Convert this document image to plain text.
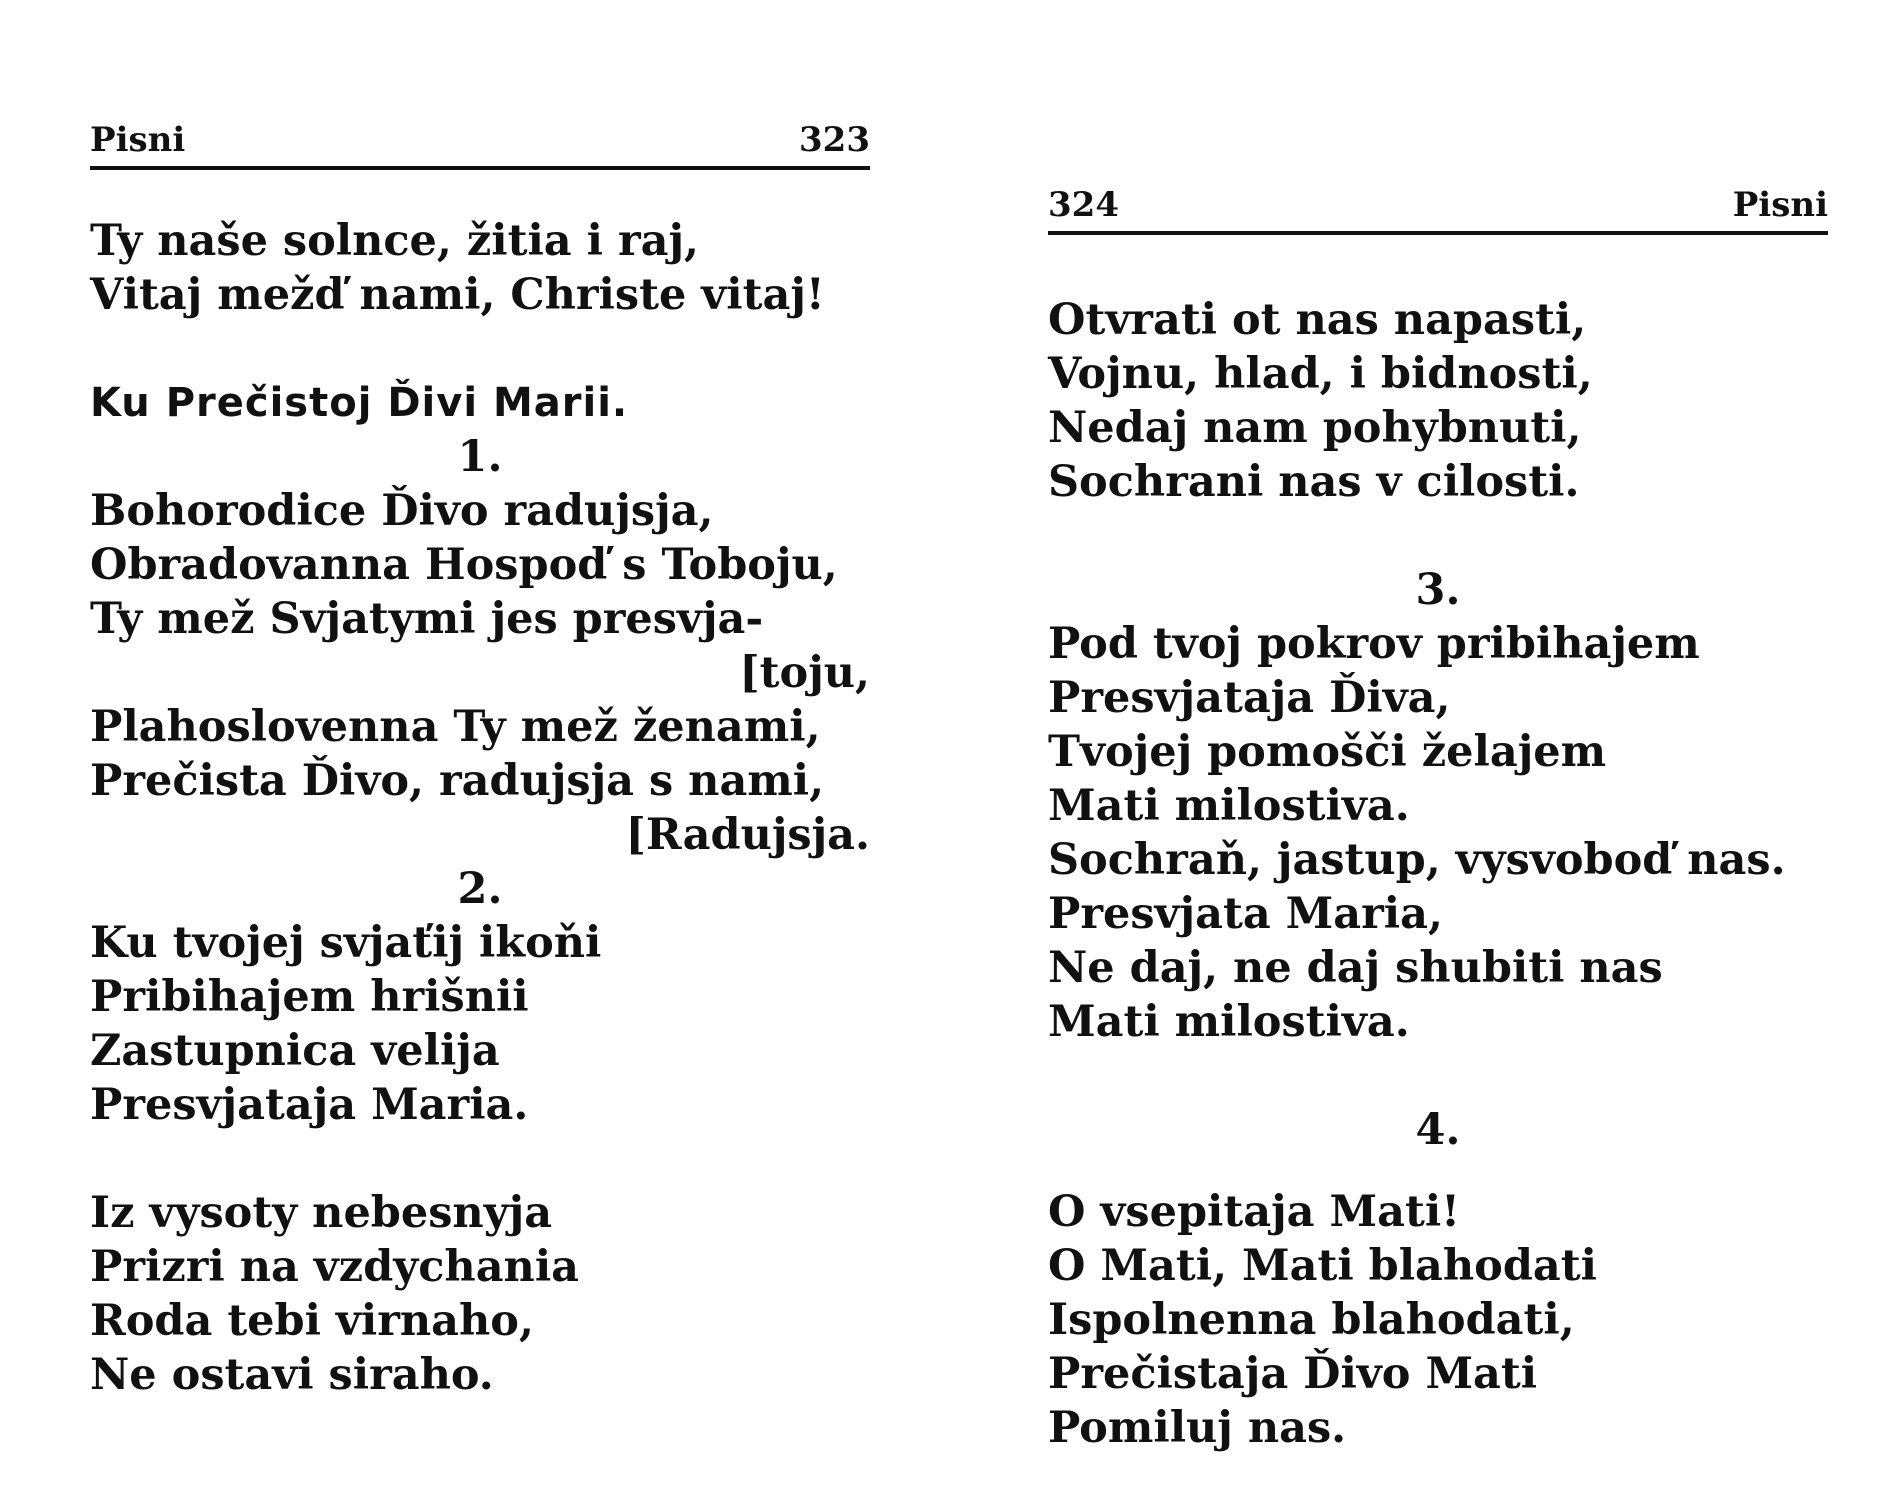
Pisni	323
Ty naše solnce, žitia i raj,
Vitaj mežď nami, Christe vitaj!
Ku Prečistoj Ďivi Marii.
1.
Bohorodice Ďivo radujsja,
Obradovanna Hospoď s Toboju,
Ty mež Svjatymi jes presvja-
[toju,
Plahoslovenna Ty mež ženami,
Prečista Ďivo, radujsja s nami,
[Radujsja.
2.
Ku tvojej svjaťij ikoňi
Pribihajem hrišnii
Zastupnica velija
Presvjataja Maria.
Iz vysoty nebesnyja
Prizri na vzdychania
Roda tebi virnaho,
Ne ostavi siraho.
324	Pisni
Otvrati ot nas napasti,
Vojnu, hlad, i bidnosti,
Nedaj nam pohybnuti,
Sochrani nas v cilosti.
3.
Pod tvoj pokrov pribihajem
Presvjataja Ďiva,
Tvojej pomošči želajem
Mati milostiva.
Sochraň, jastup, vysvoboď nas.
Presvjata Maria,
Ne daj, ne daj shubiti nas
Mati milostiva.
4.
O vsepitaja Mati!
O Mati, Mati blahodati
Ispolnenna blahodati,
Prečistaja Ďivo Mati
Pomiluj nas.
